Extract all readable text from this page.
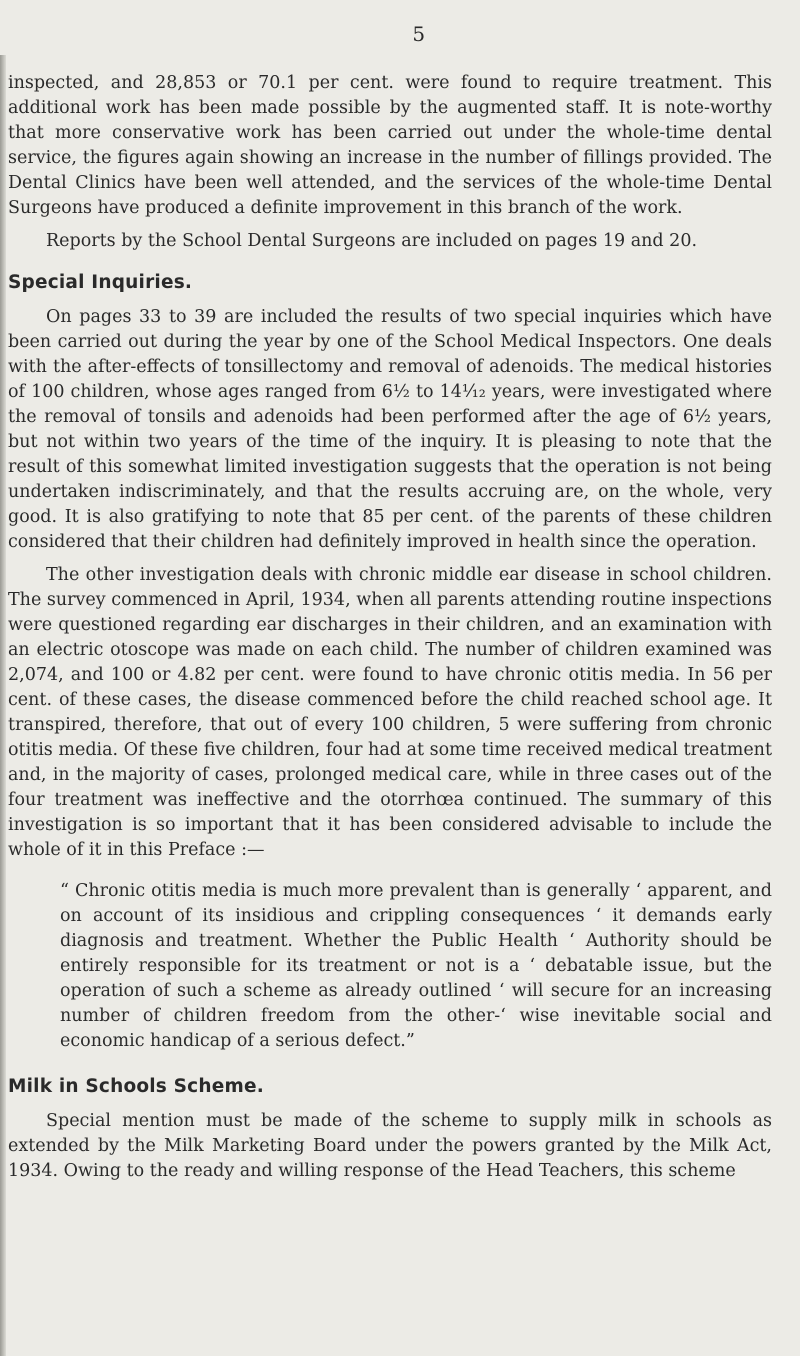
5

inspected, and 28,853 or 70.1 per cent. were found to require treatment. This additional work has been made possible by the augmented staff. It is note-worthy that more conservative work has been carried out under the whole-time dental service, the figures again showing an increase in the number of fillings provided. The Dental Clinics have been well attended, and the services of the whole-time Dental Surgeons have produced a definite improvement in this branch of the work.

Reports by the School Dental Surgeons are included on pages 19 and 20.

Special Inquiries.

On pages 33 to 39 are included the results of two special inquiries which have been carried out during the year by one of the School Medical Inspectors. One deals with the after-effects of tonsillectomy and removal of adenoids. The medical histories of 100 children, whose ages ranged from 6½ to 14¹⁄₁₂ years, were investigated where the removal of tonsils and adenoids had been performed after the age of 6½ years, but not within two years of the time of the inquiry. It is pleasing to note that the result of this somewhat limited investigation suggests that the operation is not being undertaken indiscriminately, and that the results accruing are, on the whole, very good. It is also gratifying to note that 85 per cent. of the parents of these children considered that their children had definitely improved in health since the operation.

The other investigation deals with chronic middle ear disease in school children. The survey commenced in April, 1934, when all parents attending routine inspections were questioned regarding ear discharges in their children, and an examination with an electric otoscope was made on each child. The number of children examined was 2,074, and 100 or 4.82 per cent. were found to have chronic otitis media. In 56 per cent. of these cases, the disease commenced before the child reached school age. It transpired, therefore, that out of every 100 children, 5 were suffering from chronic otitis media. Of these five children, four had at some time received medical treatment and, in the majority of cases, prolonged medical care, while in three cases out of the four treatment was ineffective and the otorrhœa continued. The summary of this investigation is so important that it has been considered advisable to include the whole of it in this Preface :—

“ Chronic otitis media is much more prevalent than is generally ‘ apparent, and on account of its insidious and crippling consequences ‘ it demands early diagnosis and treatment. Whether the Public Health ‘ Authority should be entirely responsible for its treatment or not is a ‘ debatable issue, but the operation of such a scheme as already outlined ‘ will secure for an increasing number of children freedom from the other-‘ wise inevitable social and economic handicap of a serious defect.”

Milk in Schools Scheme.

Special mention must be made of the scheme to supply milk in schools as extended by the Milk Marketing Board under the powers granted by the Milk Act, 1934. Owing to the ready and willing response of the Head Teachers, this scheme
